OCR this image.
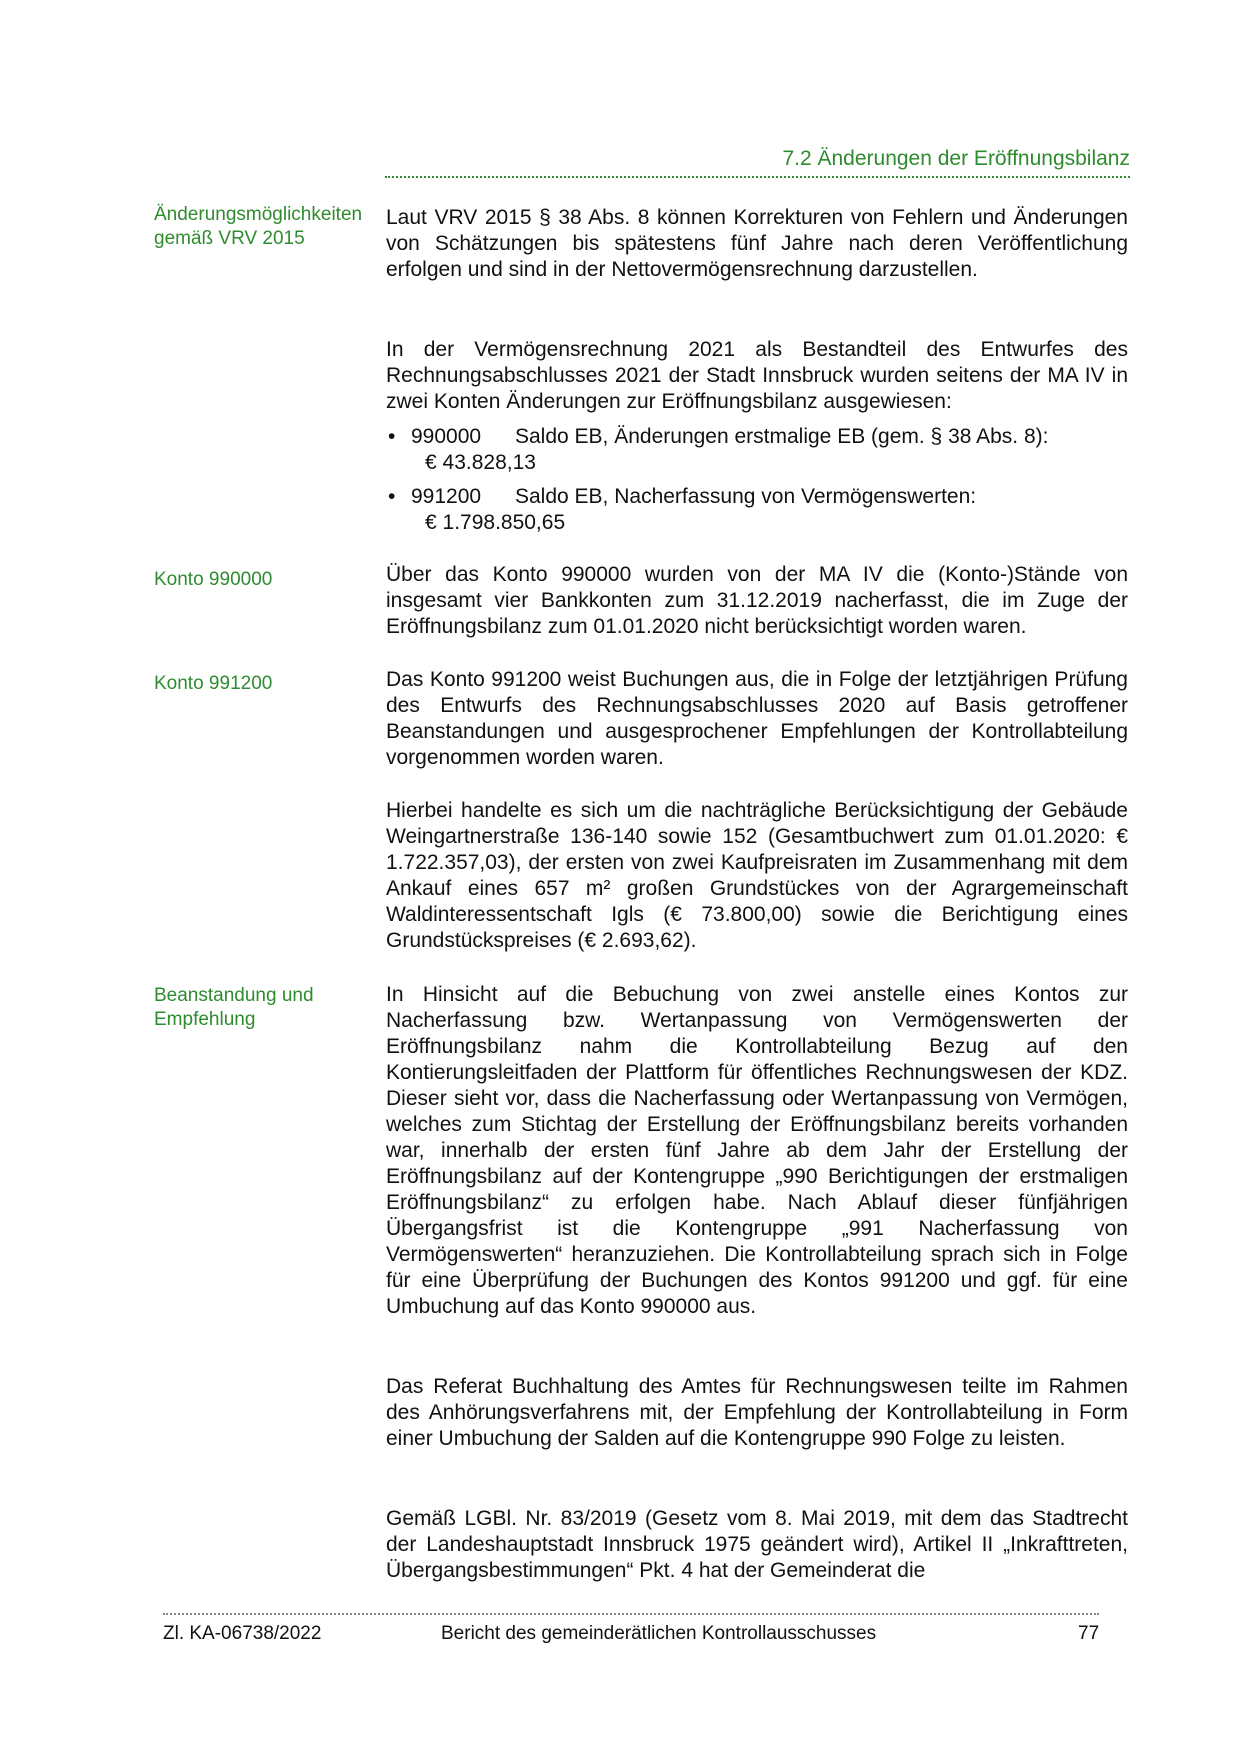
7.2 Änderungen der Eröffnungsbilanz
Änderungsmöglichkeiten gemäß VRV 2015
Konto 990000
Konto 991200
Beanstandung und Empfehlung

Laut VRV 2015 § 38 Abs. 8 können Korrekturen von Fehlern und Änderungen von Schätzungen bis spätestens fünf Jahre nach deren Veröffentlichung erfolgen und sind in der Nettovermögensrechnung darzustellen.

In der Vermögensrechnung 2021 als Bestandteil des Entwurfes des Rechnungsabschlusses 2021 der Stadt Innsbruck wurden seitens der MA IV in zwei Konten Änderungen zur Eröffnungsbilanz ausgewiesen:

• 990000 Saldo EB, Änderungen erstmalige EB (gem. § 38 Abs. 8):
€ 43.828,13
• 991200 Saldo EB, Nacherfassung von Vermögenswerten:
€ 1.798.850,65

Über das Konto 990000 wurden von der MA IV die (Konto-)Stände von insgesamt vier Bankkonten zum 31.12.2019 nacherfasst, die im Zuge der Eröffnungsbilanz zum 01.01.2020 nicht berücksichtigt worden waren.

Das Konto 991200 weist Buchungen aus, die in Folge der letztjährigen Prüfung des Entwurfs des Rechnungsabschlusses 2020 auf Basis getroffener Beanstandungen und ausgesprochener Empfehlungen der Kontrollabteilung vorgenommen worden waren.

Hierbei handelte es sich um die nachträgliche Berücksichtigung der Gebäude Weingartnerstraße 136-140 sowie 152 (Gesamtbuchwert zum 01.01.2020: € 1.722.357,03), der ersten von zwei Kaufpreisraten im Zusammenhang mit dem Ankauf eines 657 m² großen Grundstückes von der Agrargemeinschaft Waldinteressentschaft Igls (€ 73.800,00) sowie die Berichtigung eines Grundstückspreises (€ 2.693,62).

In Hinsicht auf die Bebuchung von zwei anstelle eines Kontos zur Nacherfassung bzw. Wertanpassung von Vermögenswerten der Eröffnungsbilanz nahm die Kontrollabteilung Bezug auf den Kontierungsleitfaden der Plattform für öffentliches Rechnungswesen der KDZ. Dieser sieht vor, dass die Nacherfassung oder Wertanpassung von Vermögen, welches zum Stichtag der Erstellung der Eröffnungsbilanz bereits vorhanden war, innerhalb der ersten fünf Jahre ab dem Jahr der Erstellung der Eröffnungsbilanz auf der Kontengruppe „990 Berichtigungen der erstmaligen Eröffnungsbilanz“ zu erfolgen habe. Nach Ablauf dieser fünfjährigen Übergangsfrist ist die Kontengruppe „991 Nacherfassung von Vermögenswerten“ heranzuziehen. Die Kontrollabteilung sprach sich in Folge für eine Überprüfung der Buchungen des Kontos 991200 und ggf. für eine Umbuchung auf das Konto 990000 aus.

Das Referat Buchhaltung des Amtes für Rechnungswesen teilte im Rahmen des Anhörungsverfahrens mit, der Empfehlung der Kontrollabteilung in Form einer Umbuchung der Salden auf die Kontengruppe 990 Folge zu leisten.

Gemäß LGBl. Nr. 83/2019 (Gesetz vom 8. Mai 2019, mit dem das Stadtrecht der Landeshauptstadt Innsbruck 1975 geändert wird), Artikel II „Inkrafttreten, Übergangsbestimmungen“ Pkt. 4 hat der Gemeinderat die

Zl. KA-06738/2022	Bericht des gemeinderätlichen Kontrollausschusses	77
